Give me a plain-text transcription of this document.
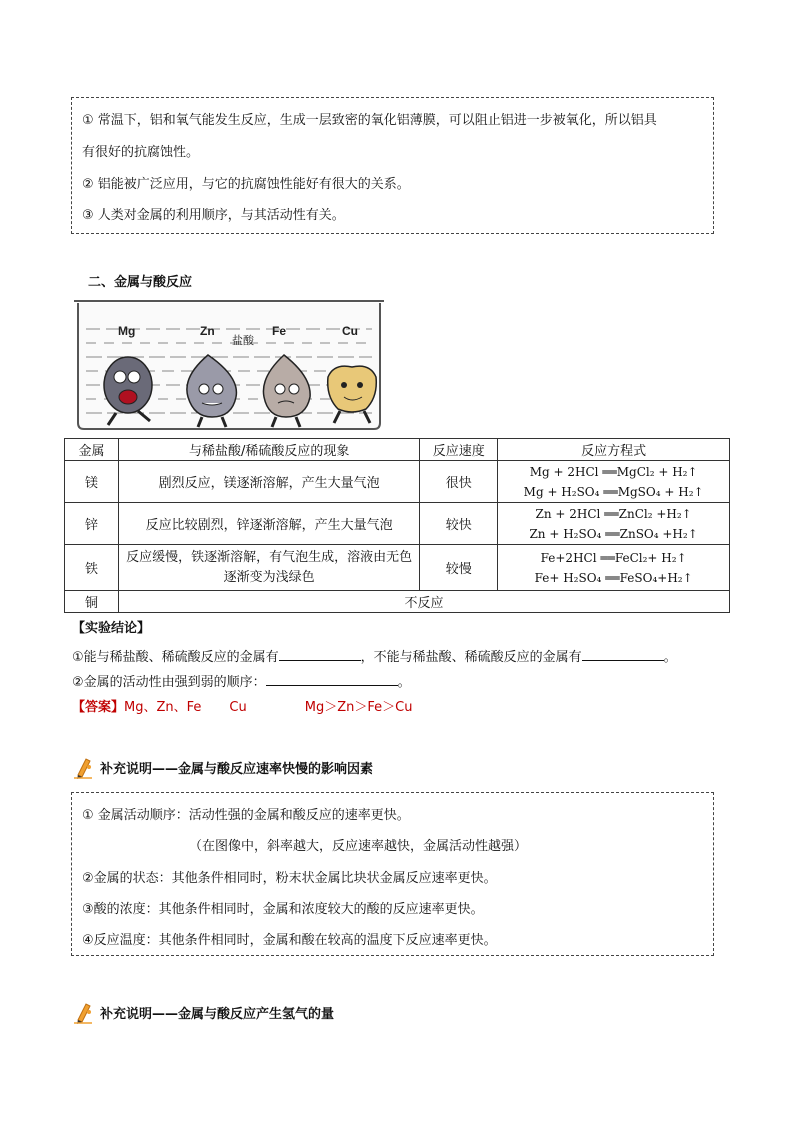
① 常温下，铝和氧气能发生反应，生成一层致密的氧化铝薄膜，可以阻止铝进一步被氧化，所以铝具
有很好的抗腐蚀性。
② 铝能被广泛应用，与它的抗腐蚀性能好有很大的关系。
③ 人类对金属的利用顺序，与其活动性有关。
二、金属与酸反应
Mg	Zn	Fe	Cu
盐酸
金属	与稀盐酸/稀硫酸反应的现象	反应速度	反应方程式
镁	剧烈反应，镁逐渐溶解，产生大量气泡	很快	Mg + 2HCl ══MgCl₂ + H₂↑
Mg + H₂SO₄ ══MgSO₄ + H₂↑

锌	反应比较剧烈，锌逐渐溶解，产生大量气泡	较快	Zn + 2HCl ══ZnCl₂ +H₂↑
Zn + H₂SO₄ ══ZnSO₄ +H₂↑

铁	反应缓慢，铁逐渐溶解，有气泡生成，溶液由无色逐渐变为浅绿色	较慢	Fe+2HCl ══FeCl₂+ H₂↑
Fe+ H₂SO₄ ══FeSO₄+H₂↑

铜	不反应		
【实验结论】
①能与稀盐酸、稀硫酸反应的金属有	，不能与稀盐酸、稀硫酸反应的金属有	。
②金属的活动性由强到弱的顺序：	。
【答案】Mg、Zn、Fe Cu	Mg＞Zn＞Fe＞Cu
补充说明——金属与酸反应速率快慢的影响因素
① 金属活动顺序：活动性强的金属和酸反应的速率更快。
（在图像中，斜率越大，反应速率越快，金属活动性越强）
②金属的状态：其他条件相同时，粉末状金属比块状金属反应速率更快。
③酸的浓度：其他条件相同时，金属和浓度较大的酸的反应速率更快。
④反应温度：其他条件相同时，金属和酸在较高的温度下反应速率更快。
补充说明——金属与酸反应产生氢气的量
